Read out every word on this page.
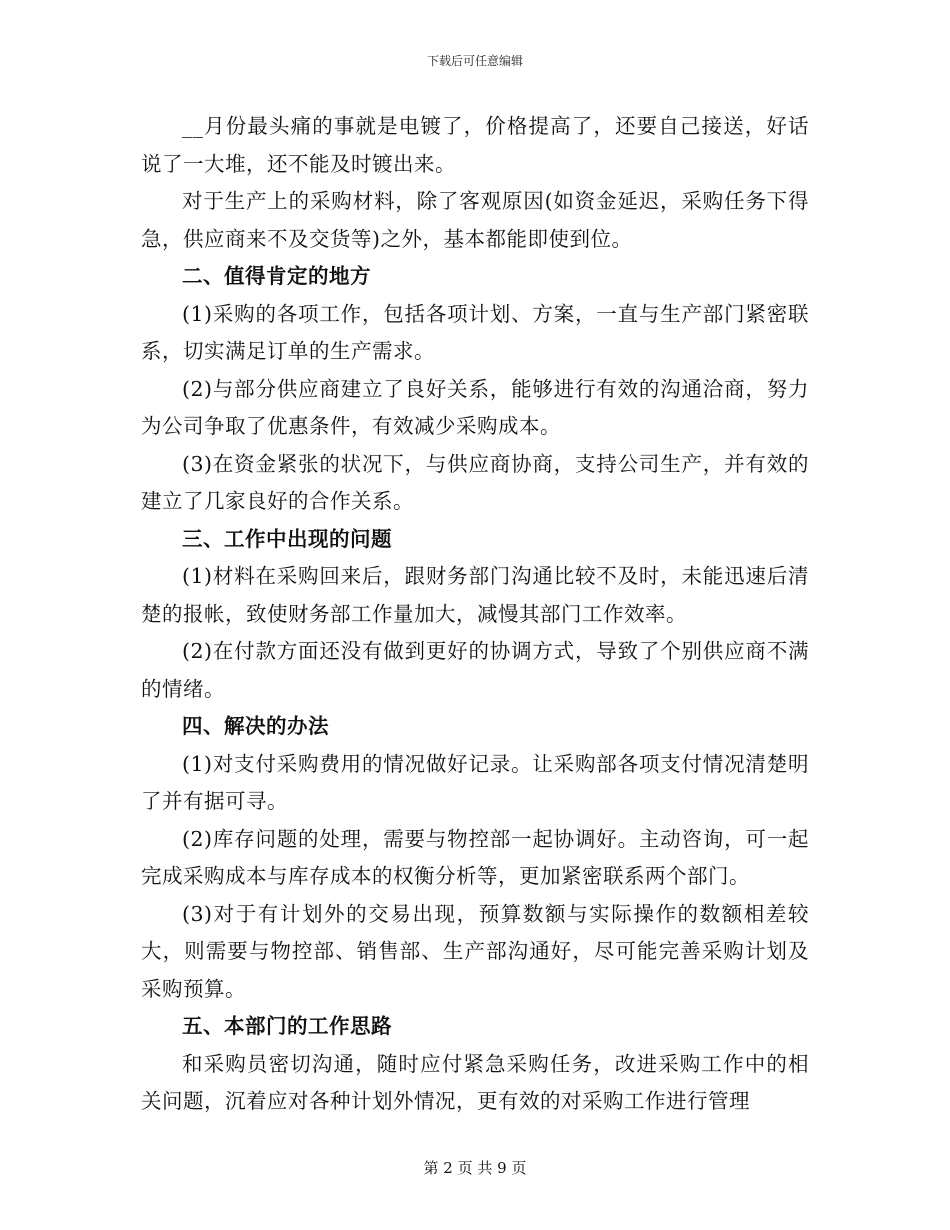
下载后可任意编辑

__月份最头痛的事就是电镀了，价格提高了，还要自己接送，好话说了一大堆，还不能及时镀出来。

对于生产上的采购材料，除了客观原因(如资金延迟，采购任务下得急，供应商来不及交货等)之外，基本都能即使到位。

二、值得肯定的地方

(1)采购的各项工作，包括各项计划、方案，一直与生产部门紧密联系，切实满足订单的生产需求。

(2)与部分供应商建立了良好关系，能够进行有效的沟通洽商，努力为公司争取了优惠条件，有效减少采购成本。

(3)在资金紧张的状况下，与供应商协商，支持公司生产，并有效的建立了几家良好的合作关系。

三、工作中出现的问题

(1)材料在采购回来后，跟财务部门沟通比较不及时，未能迅速后清楚的报帐，致使财务部工作量加大，减慢其部门工作效率。

(2)在付款方面还没有做到更好的协调方式，导致了个别供应商不满的情绪。

四、解决的办法

(1)对支付采购费用的情况做好记录。让采购部各项支付情况清楚明了并有据可寻。

(2)库存问题的处理，需要与物控部一起协调好。主动咨询，可一起完成采购成本与库存成本的权衡分析等，更加紧密联系两个部门。

(3)对于有计划外的交易出现，预算数额与实际操作的数额相差较大，则需要与物控部、销售部、生产部沟通好，尽可能完善采购计划及采购预算。

五、本部门的工作思路

和采购员密切沟通，随时应付紧急采购任务，改进采购工作中的相关问题，沉着应对各种计划外情况，更有效的对采购工作进行管理

第 2 页 共 9 页
